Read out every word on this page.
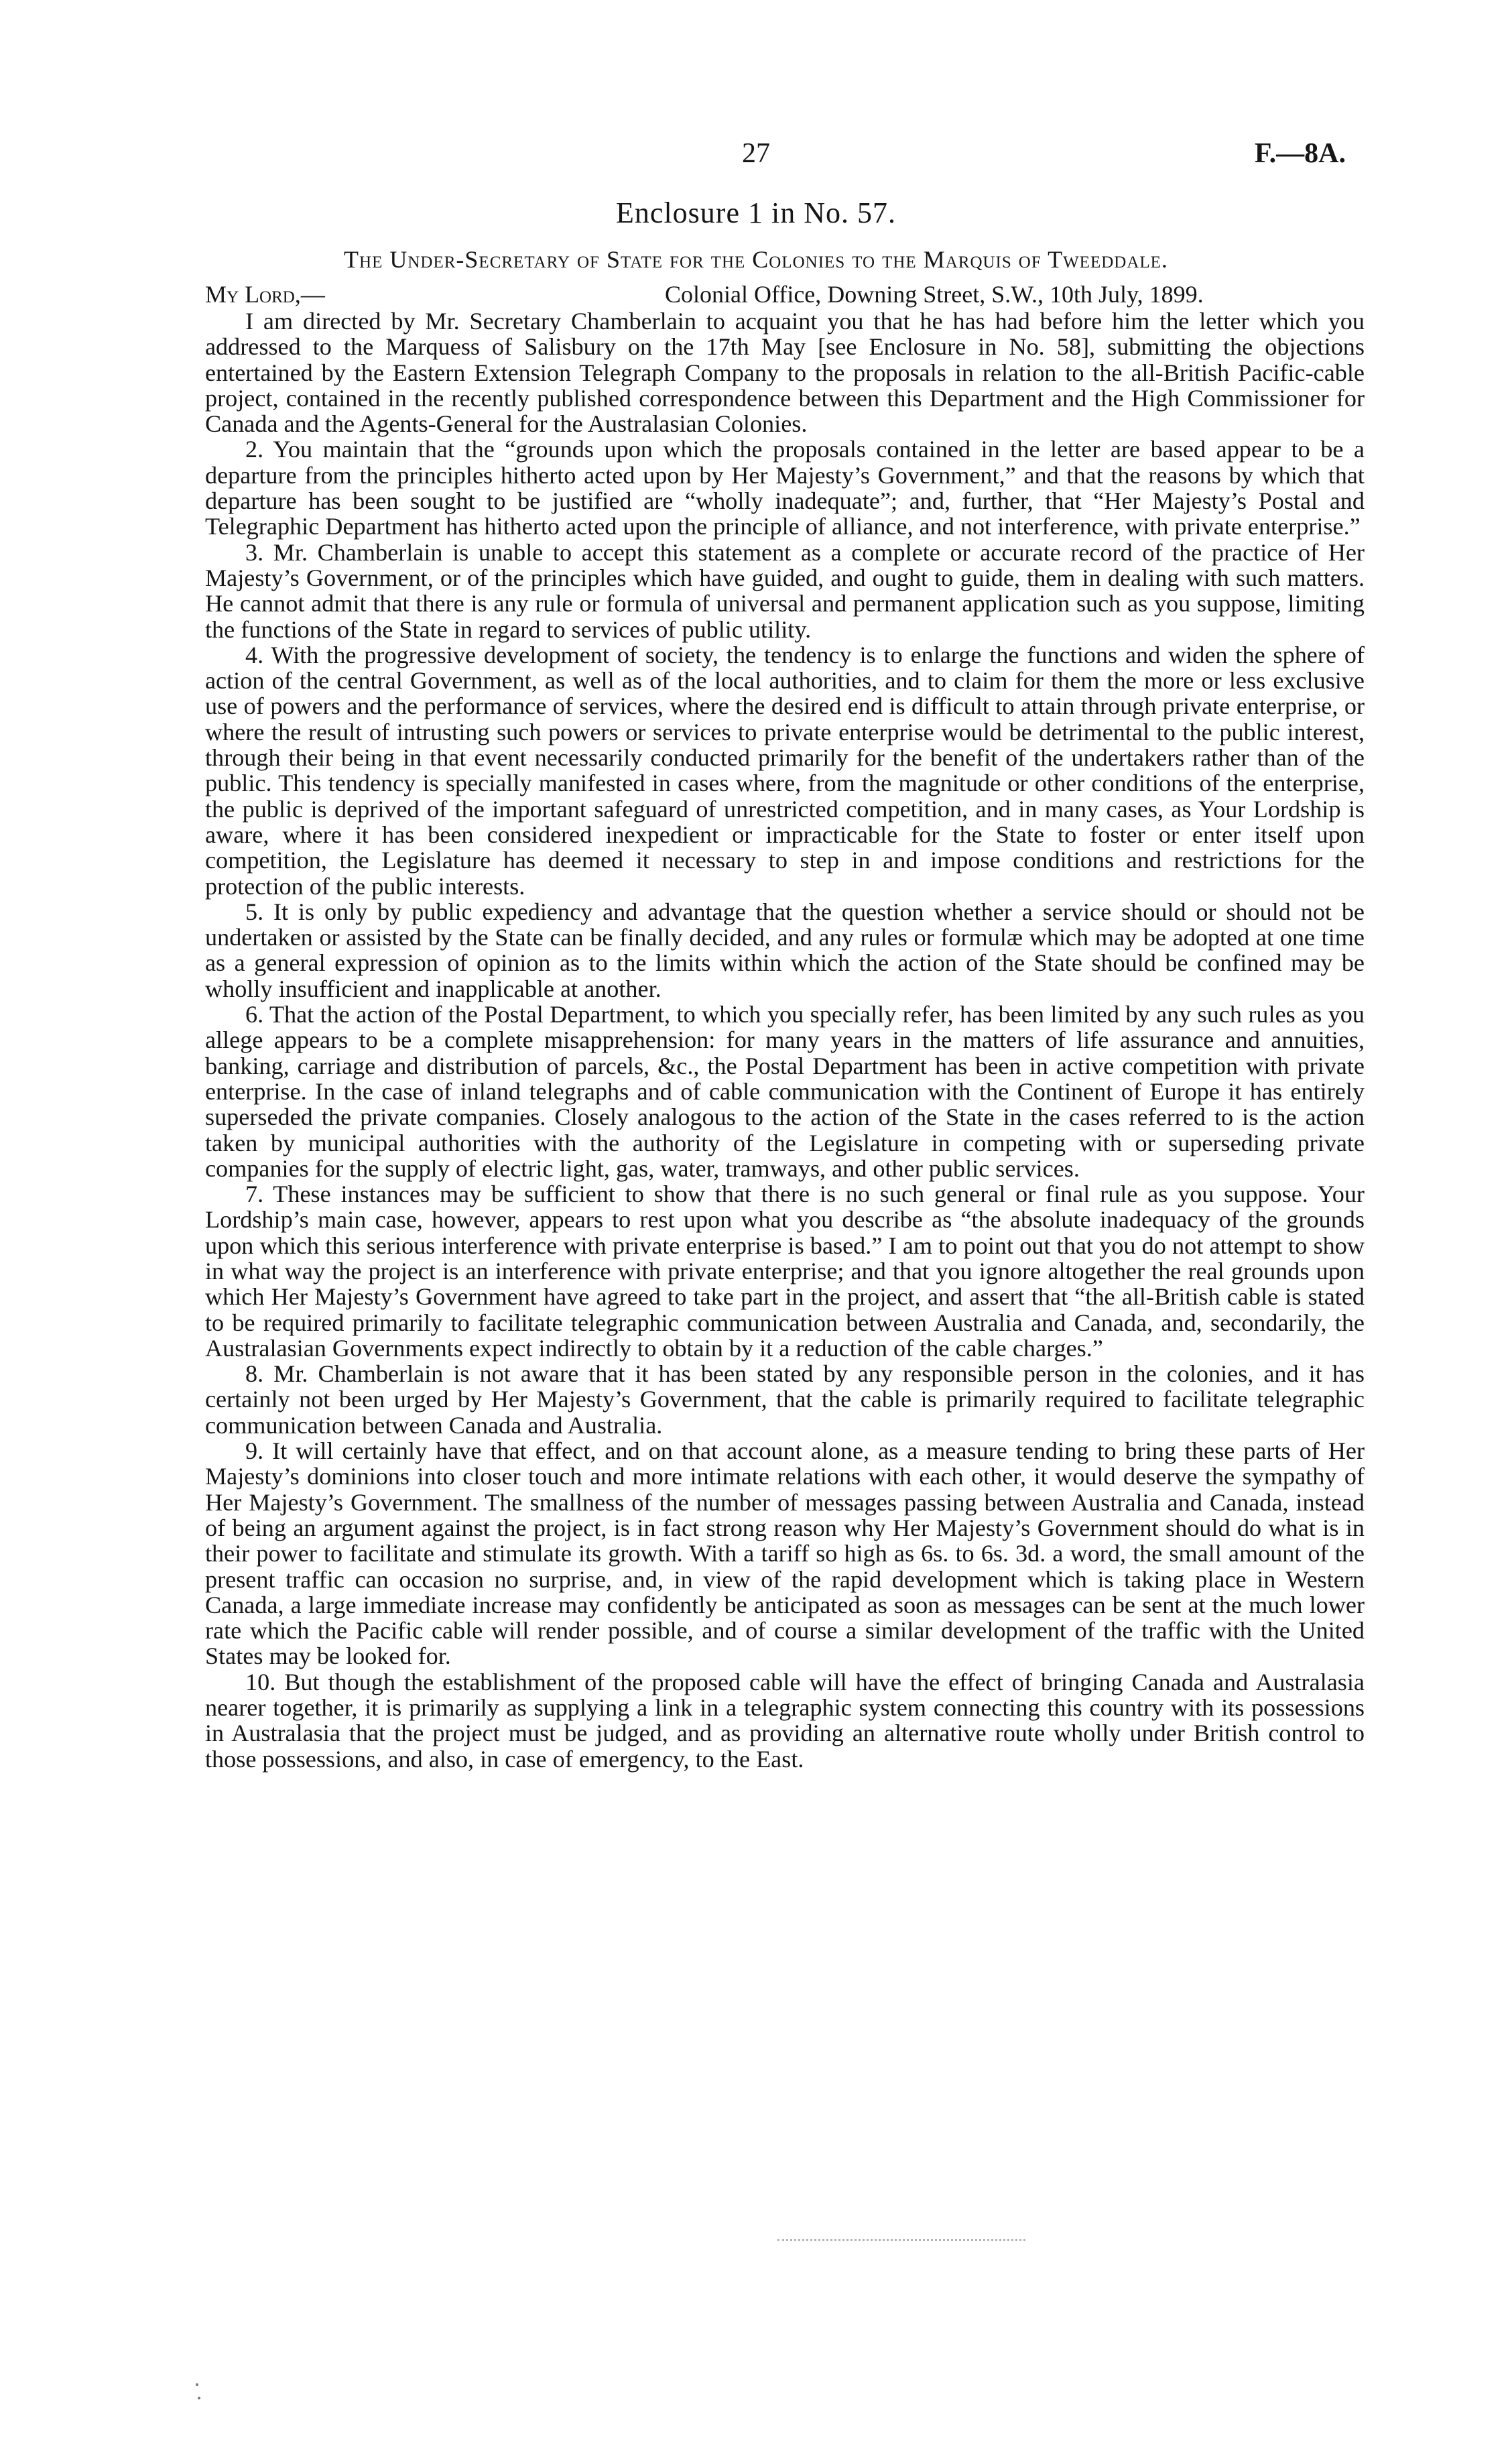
27	F.—8A.
Enclosure 1 in No. 57.
The Under-Secretary of State for the Colonies to the Marquis of Tweeddale.
My Lord,—	Colonial Office, Downing Street, S.W., 10th July, 1899.

I am directed by Mr. Secretary Chamberlain to acquaint you that he has had before him the letter which you addressed to the Marquess of Salisbury on the 17th May [see Enclosure in No. 58], submitting the objections entertained by the Eastern Extension Telegraph Company to the proposals in relation to the all-British Pacific-cable project, contained in the recently published correspondence between this Department and the High Commissioner for Canada and the Agents-General for the Australasian Colonies.

2. You maintain that the “grounds upon which the proposals contained in the letter are based appear to be a departure from the principles hitherto acted upon by Her Majesty’s Government,” and that the reasons by which that departure has been sought to be justified are “wholly inadequate”; and, further, that “Her Majesty’s Postal and Telegraphic Department has hitherto acted upon the principle of alliance, and not interference, with private enterprise.”

3. Mr. Chamberlain is unable to accept this statement as a complete or accurate record of the practice of Her Majesty’s Government, or of the principles which have guided, and ought to guide, them in dealing with such matters. He cannot admit that there is any rule or formula of universal and permanent application such as you suppose, limiting the functions of the State in regard to services of public utility.

4. With the progressive development of society, the tendency is to enlarge the functions and widen the sphere of action of the central Government, as well as of the local authorities, and to claim for them the more or less exclusive use of powers and the performance of services, where the desired end is difficult to attain through private enterprise, or where the result of intrusting such powers or services to private enterprise would be detrimental to the public interest, through their being in that event necessarily conducted primarily for the benefit of the undertakers rather than of the public. This tendency is specially manifested in cases where, from the magnitude or other conditions of the enterprise, the public is deprived of the important safeguard of unrestricted competition, and in many cases, as Your Lordship is aware, where it has been considered inexpedient or impracticable for the State to foster or enter itself upon competition, the Legislature has deemed it necessary to step in and impose conditions and restrictions for the protection of the public interests.

5. It is only by public expediency and advantage that the question whether a service should or should not be undertaken or assisted by the State can be finally decided, and any rules or formulæ which may be adopted at one time as a general expression of opinion as to the limits within which the action of the State should be confined may be wholly insufficient and inapplicable at another.

6. That the action of the Postal Department, to which you specially refer, has been limited by any such rules as you allege appears to be a complete misapprehension: for many years in the matters of life assurance and annuities, banking, carriage and distribution of parcels, &c., the Postal Department has been in active competition with private enterprise. In the case of inland telegraphs and of cable communication with the Continent of Europe it has entirely superseded the private companies. Closely analogous to the action of the State in the cases referred to is the action taken by municipal authorities with the authority of the Legislature in competing with or superseding private companies for the supply of electric light, gas, water, tramways, and other public services.

7. These instances may be sufficient to show that there is no such general or final rule as you suppose. Your Lordship’s main case, however, appears to rest upon what you describe as “the absolute inadequacy of the grounds upon which this serious interference with private enterprise is based.” I am to point out that you do not attempt to show in what way the project is an interference with private enterprise; and that you ignore altogether the real grounds upon which Her Majesty’s Government have agreed to take part in the project, and assert that “the all-British cable is stated to be required primarily to facilitate telegraphic communication between Australia and Canada, and, secondarily, the Australasian Governments expect indirectly to obtain by it a reduction of the cable charges.”

8. Mr. Chamberlain is not aware that it has been stated by any responsible person in the colonies, and it has certainly not been urged by Her Majesty’s Government, that the cable is primarily required to facilitate telegraphic communication between Canada and Australia.

9. It will certainly have that effect, and on that account alone, as a measure tending to bring these parts of Her Majesty’s dominions into closer touch and more intimate relations with each other, it would deserve the sympathy of Her Majesty’s Government. The smallness of the number of messages passing between Australia and Canada, instead of being an argument against the project, is in fact strong reason why Her Majesty’s Government should do what is in their power to facilitate and stimulate its growth. With a tariff so high as 6s. to 6s. 3d. a word, the small amount of the present traffic can occasion no surprise, and, in view of the rapid development which is taking place in Western Canada, a large immediate increase may confidently be anticipated as soon as messages can be sent at the much lower rate which the Pacific cable will render possible, and of course a similar development of the traffic with the United States may be looked for.

10. But though the establishment of the proposed cable will have the effect of bringing Canada and Australasia nearer together, it is primarily as supplying a link in a telegraphic system connecting this country with its possessions in Australasia that the project must be judged, and as providing an alternative route wholly under British control to those possessions, and also, in case of emergency, to the East.
